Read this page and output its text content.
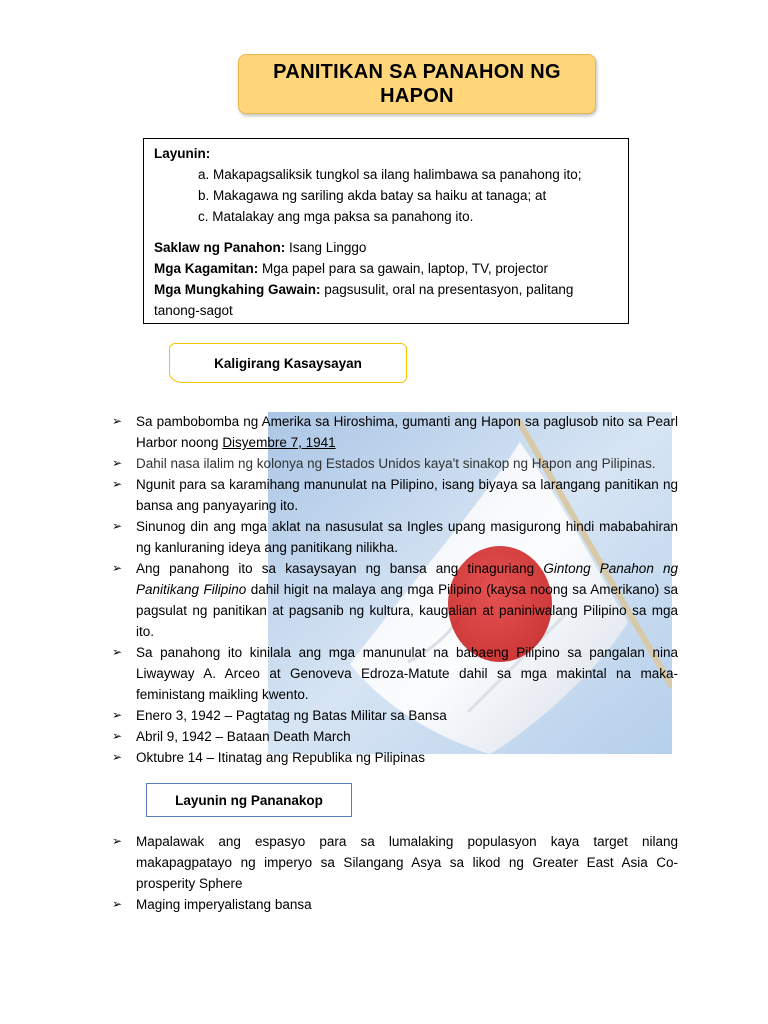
PANITIKAN SA PANAHON NG
HAPON
Layunin:
a. Makapagsaliksik tungkol sa ilang halimbawa sa panahong ito;
b. Makagawa ng sariling akda batay sa haiku at tanaga; at
c. Matalakay ang mga paksa sa panahong ito.
Saklaw ng Panahon: Isang Linggo
Mga Kagamitan: Mga papel para sa gawain, laptop, TV, projector
Mga Mungkahing Gawain: pagsusulit, oral na presentasyon, palitang tanong-sagot
Kaligirang Kasaysayan
➢ Sa pambobomba ng Amerika sa Hiroshima, gumanti ang Hapon sa paglusob nito sa Pearl Harbor noong Disyembre 7, 1941
➢ Dahil nasa ilalim ng kolonya ng Estados Unidos kaya't sinakop ng Hapon ang Pilipinas.
➢ Ngunit para sa karamihang manunulat na Pilipino, isang biyaya sa larangang panitikan ng bansa ang panyayaring ito.
➢ Sinunog din ang mga aklat na nasusulat sa Ingles upang masigurong hindi mababahiran ng kanluraning ideya ang panitikang nilikha.
➢ Ang panahong ito sa kasaysayan ng bansa ang tinaguriang Gintong Panahon ng Panitikang Filipino dahil higit na malaya ang mga Pilipino (kaysa noong sa Amerikano) sa pagsulat ng panitikan at pagsanib ng kultura, kaugalian at paniniwalang Pilipino sa mga ito.
➢ Sa panahong ito kinilala ang mga manunulat na babaeng Pilipino sa pangalan nina Liwayway A. Arceo at Genoveva Edroza-Matute dahil sa mga makintal na maka-feministang maikling kwento.
➢ Enero 3, 1942 – Pagtatag ng Batas Militar sa Bansa
➢ Abril 9, 1942 – Bataan Death March
➢ Oktubre 14 – Itinatag ang Republika ng Pilipinas
Layunin ng Pananakop
➢ Mapalawak ang espasyo para sa lumalaking populasyon kaya target nilang makapagpatayo ng imperyo sa Silangang Asya sa likod ng Greater East Asia Co-prosperity Sphere
➢ Maging imperyalistang bansa
